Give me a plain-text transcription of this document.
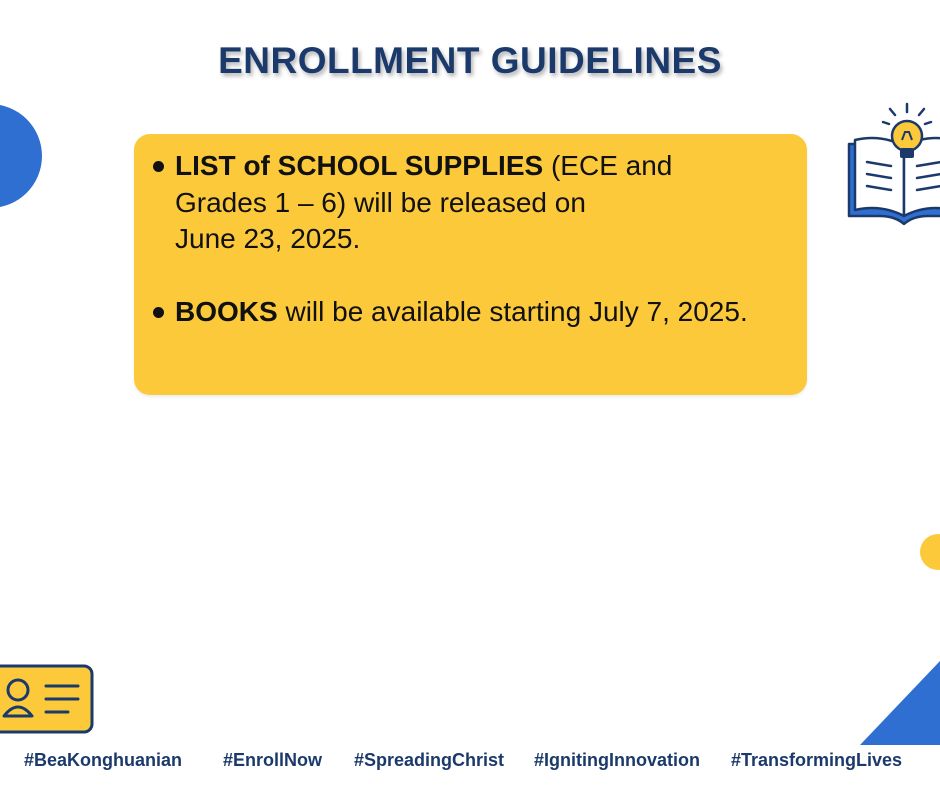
ENROLLMENT GUIDELINES
LIST of SCHOOL SUPPLIES (ECE and
Grades 1 – 6) will be released on
June 23, 2025.
BOOKS will be available starting July 7, 2025.
#BeaKonghuanian #EnrollNow #SpreadingChrist #IgnitingInnovation #TransformingLives
